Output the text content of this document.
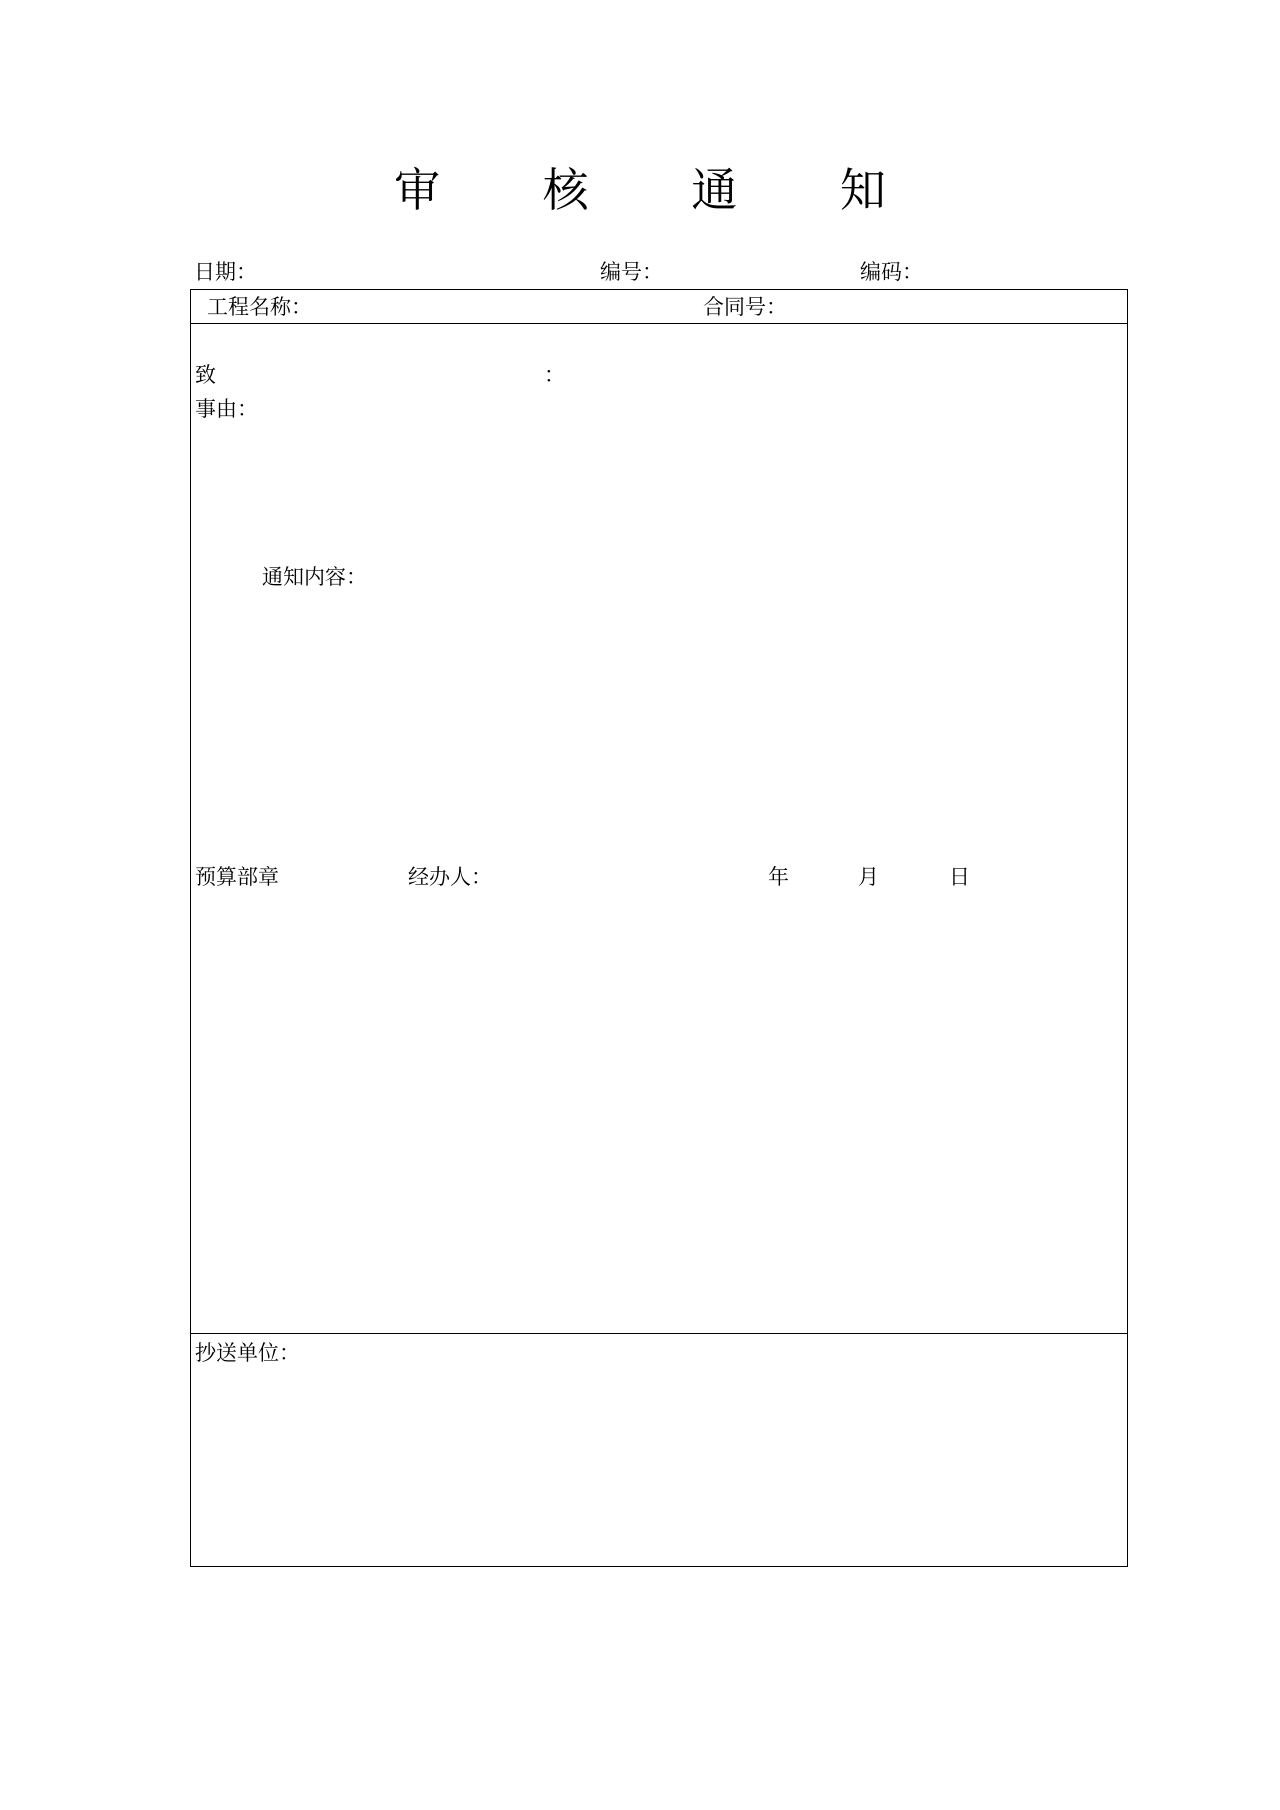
审 核 通 知
日期：	编号：	编码：
工程名称：	合同号：
致	：
事由：
通知内容：
预算部章	经办人：	年	月	日
抄送单位：
